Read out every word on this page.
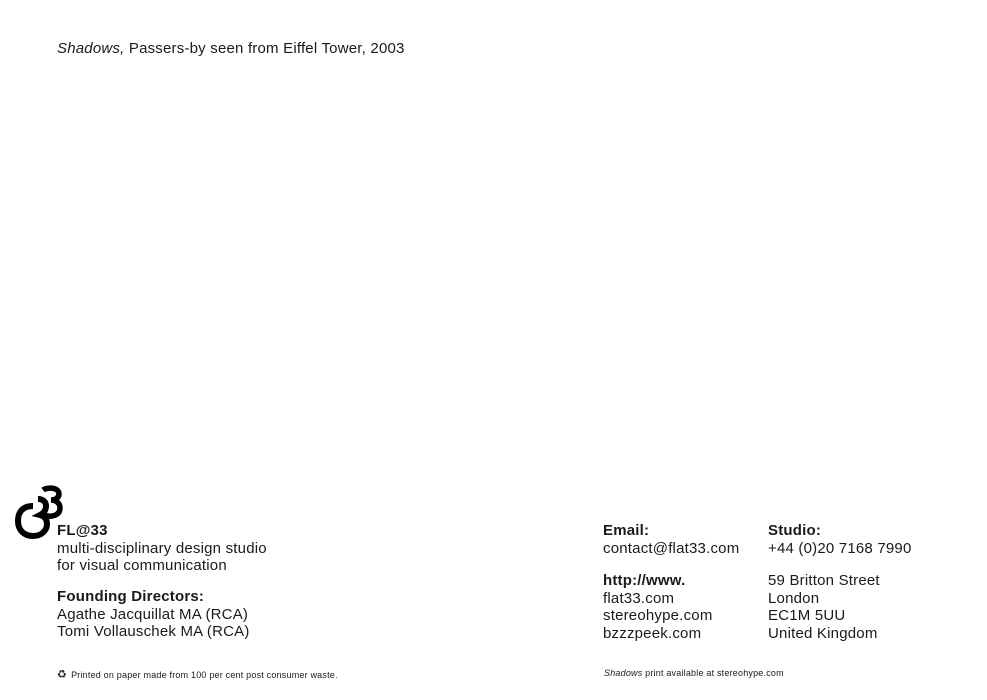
Shadows, Passers-by seen from Eiffel Tower, 2003
FL@33
multi-disciplinary design studio
for visual communication
Founding Directors:
Agathe Jacquillat MA (RCA)
Tomi Vollauschek MA (RCA)
Email:
contact@flat33.com
http://www.
flat33.com
stereohype.com
bzzzpeek.com
Studio:
+44 (0)20 7168 7990
59 Britton Street
London
EC1M 5UU
United Kingdom
♻ Printed on paper made from 100 per cent post consumer waste.	Shadows print available at stereohype.com
